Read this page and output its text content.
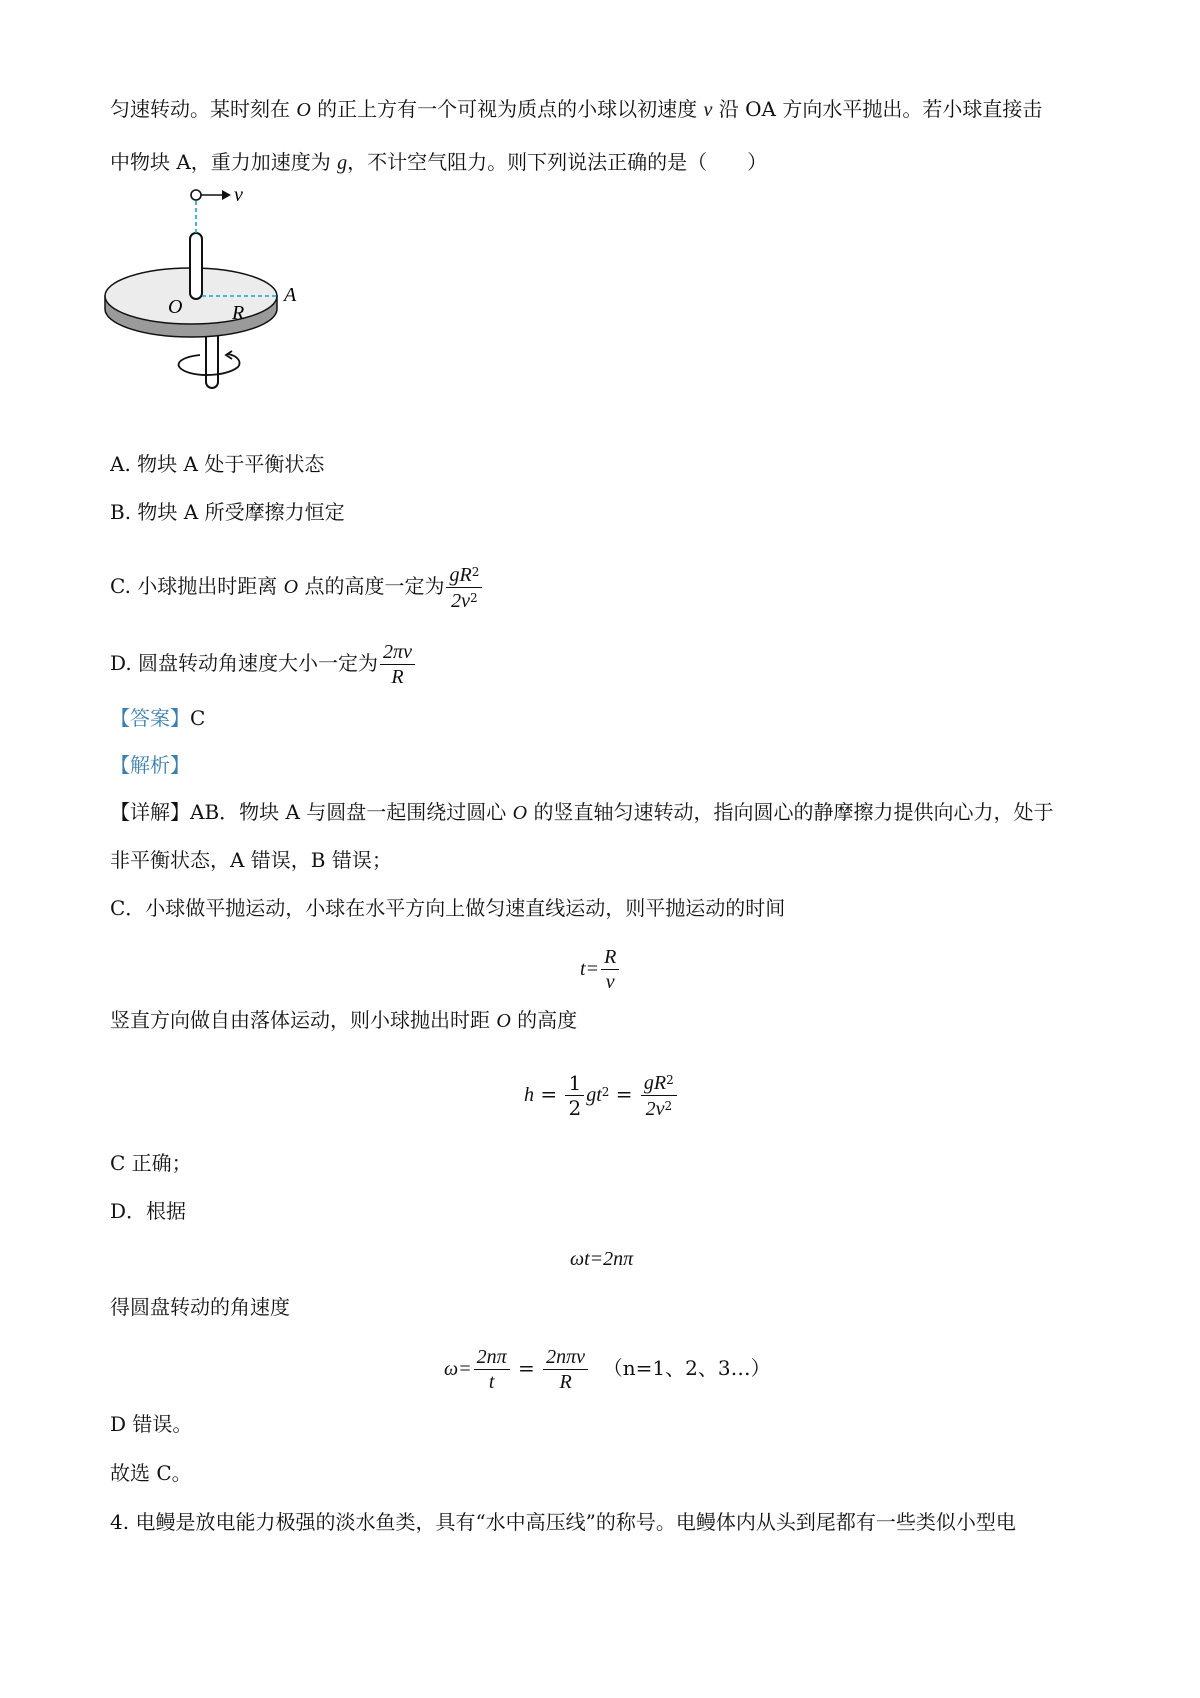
匀速转动。某时刻在 O 的正上方有一个可视为质点的小球以初速度 v 沿 OA 方向水平抛出。若小球直接击
中物块 A，重力加速度为 g，不计空气阻力。则下列说法正确的是（　　）
v
O R
A
A. 物块 A 处于平衡状态
B. 物块 A 所受摩擦力恒定
C. 小球抛出时距离 O 点的高度一定为 $\frac{gR^2}{2v^2}$
D. 圆盘转动角速度大小一定为 $\frac{2\pi v}{R}$
【答案】C
【解析】
【详解】AB．物块 A 与圆盘一起围绕过圆心 O 的竖直轴匀速转动，指向圆心的静摩擦力提供向心力，处于
非平衡状态，A 错误，B 错误；
C．小球做平抛运动，小球在水平方向上做匀速直线运动，则平抛运动的时间
$t= \frac{R}{v}$
竖直方向做自由落体运动，则小球抛出时距 O 的高度
$h = \frac{1}{2} gt^2 = \frac{gR^2}{2v^2}$
C 正确；
D．根据
ωt=2nπ
得圆盘转动的角速度
$\omega= \frac{2n\pi}{t} = \frac{\text{2nπv}}{R} (n=1$、2、3…）
D 错误。
故选 C。
4. 电鳗是放电能力极强的淡水鱼类，具有“水中高压线”的称号。电鳗体内从头到尾都有一些类似小型电
